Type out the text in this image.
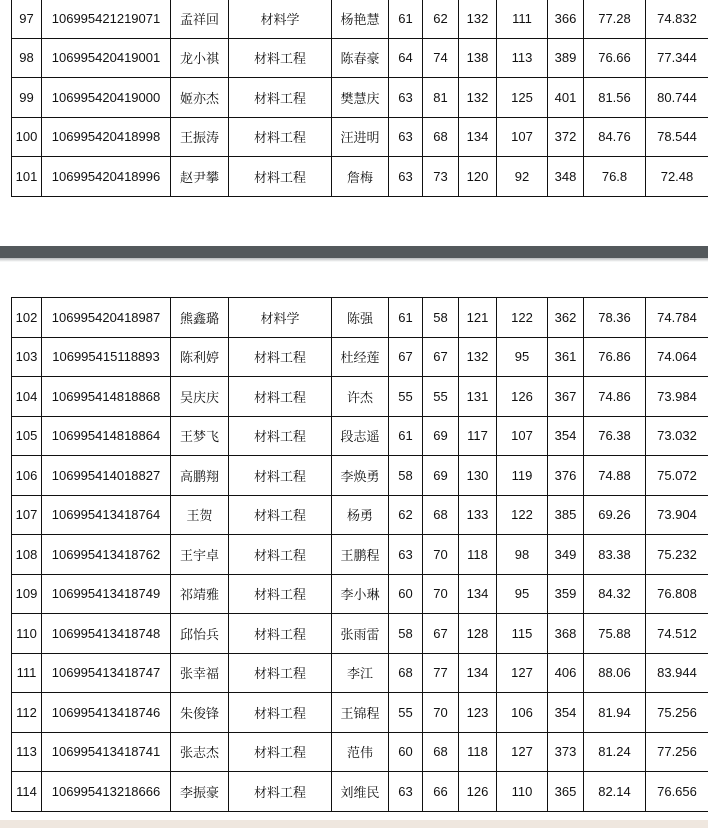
97	106995421219071	孟祥回	材料学	杨艳慧	61	62	132	111	366	77.28	74.832
98	106995420419001	龙小祺	材料工程	陈春豪	64	74	138	113	389	76.66	77.344
99	106995420419000	姬亦杰	材料工程	樊慧庆	63	81	132	125	401	81.56	80.744
100	106995420418998	王振涛	材料工程	汪进明	63	68	134	107	372	84.76	78.544
101	106995420418996	赵尹攀	材料工程	詹梅	63	73	120	92	348	76.8	72.48
102	106995420418987	熊鑫璐	材料学	陈强	61	58	121	122	362	78.36	74.784
103	106995415118893	陈利婷	材料工程	杜经莲	67	67	132	95	361	76.86	74.064
104	106995414818868	吴庆庆	材料工程	许杰	55	55	131	126	367	74.86	73.984
105	106995414818864	王梦飞	材料工程	段志遥	61	69	117	107	354	76.38	73.032
106	106995414018827	高鹏翔	材料工程	李焕勇	58	69	130	119	376	74.88	75.072
107	106995413418764	王贺	材料工程	杨勇	62	68	133	122	385	69.26	73.904
108	106995413418762	王宇卓	材料工程	王鹏程	63	70	118	98	349	83.38	75.232
109	106995413418749	祁靖雅	材料工程	李小琳	60	70	134	95	359	84.32	76.808
110	106995413418748	邱怡兵	材料工程	张雨雷	58	67	128	115	368	75.88	74.512
111	106995413418747	张幸福	材料工程	李江	68	77	134	127	406	88.06	83.944
112	106995413418746	朱俊锋	材料工程	王锦程	55	70	123	106	354	81.94	75.256
113	106995413418741	张志杰	材料工程	范伟	60	68	118	127	373	81.24	77.256
114	106995413218666	李振豪	材料工程	刘维民	63	66	126	110	365	82.14	76.656
